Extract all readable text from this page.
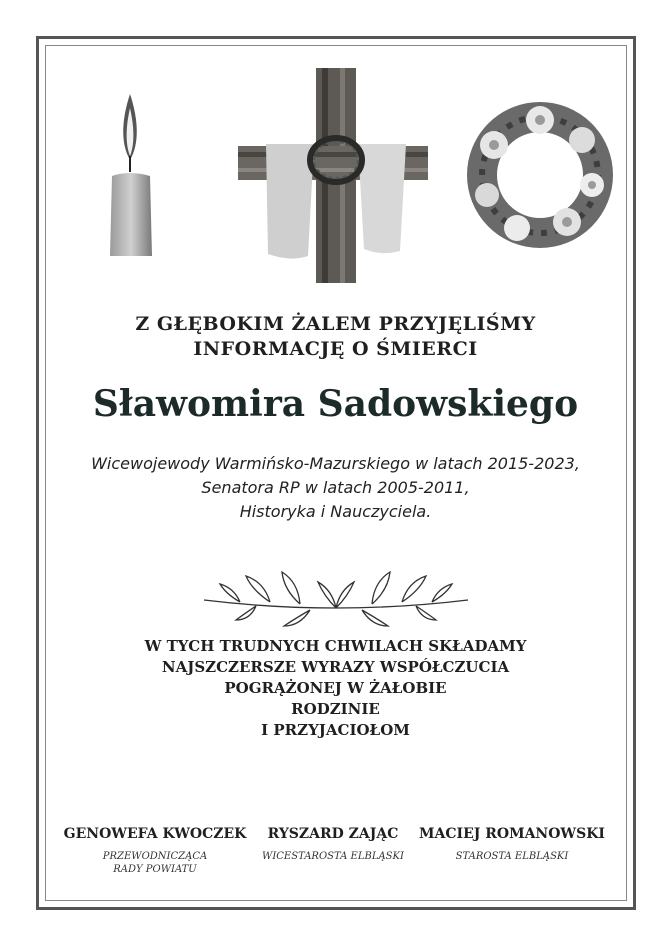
Z GŁĘBOKIM ŻALEM PRZYJĘLIŚMY
INFORMACJĘ O ŚMIERCI
Sławomira Sadowskiego
Wicewojewody Warmińsko-Mazurskiego w latach 2015-2023,
Senatora RP w latach 2005-2011,
Historyka i Nauczyciela.
W TYCH TRUDNYCH CHWILACH SKŁADAMY
NAJSZCZERSZE WYRAZY WSPÓŁCZUCIA
POGRĄŻONEJ W ŻAŁOBIE
RODZINIE
I PRZYJACIOŁOM
GENOWEFA KWOCZEK
PRZEWODNICZĄCA
RADY POWIATU
RYSZARD ZAJĄC
WICESTAROSTA ELBLĄSKI
MACIEJ ROMANOWSKI
STAROSTA ELBLĄSKI
